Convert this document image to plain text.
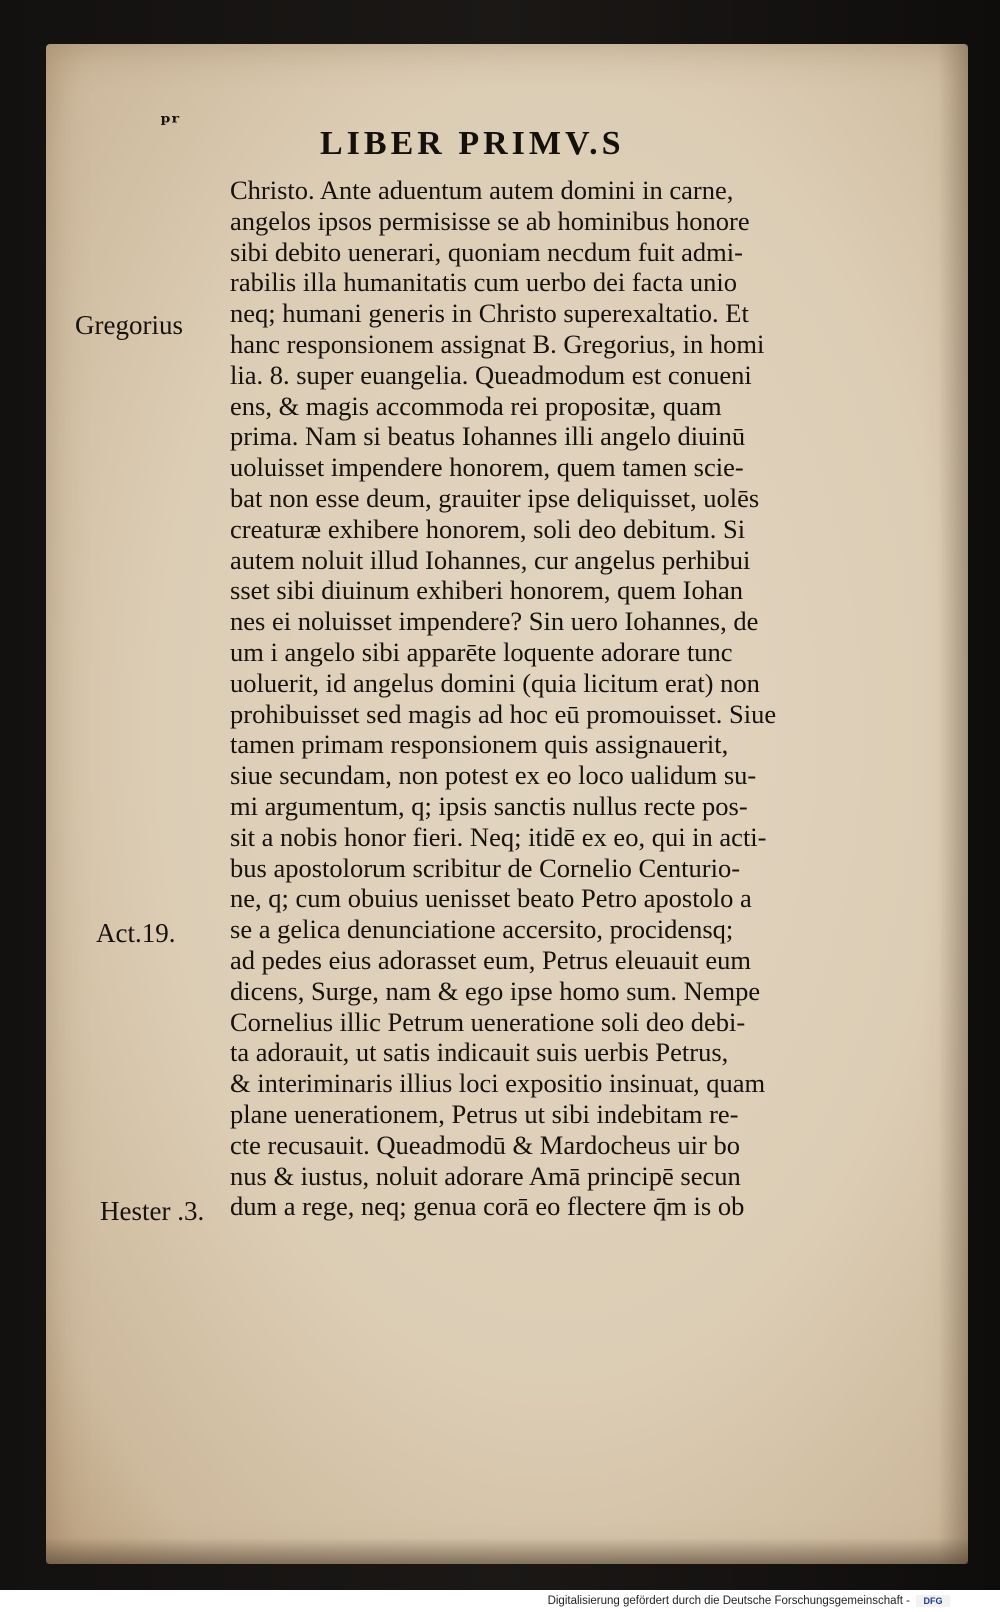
ᵖʳ
LIBER PRIMV.S
Gregorius
Act.19.
Hester .3.
Christo. Ante aduentum autem domini in carne,
angelos ipsos permisisse se ab hominibus honore
sibi debito uenerari, quoniam necdum fuit admi-
rabilis illa humanitatis cum uerbo dei facta unio
neq; humani generis in Christo superexaltatio. Et
hanc responsionem assignat B. Gregorius, in homi
lia. 8. super euangelia. Queadmodum est conueni
ens, & magis accommoda rei propositæ, quam
prima. Nam si beatus Iohannes illi angelo diuinū
uoluisset impendere honorem, quem tamen scie-
bat non esse deum, grauiter ipse deliquisset, uolēs
creaturæ exhibere honorem, soli deo debitum. Si
autem noluit illud Iohannes, cur angelus perhibui
sset sibi diuinum exhiberi honorem, quem Iohan
nes ei noluisset impendere? Sin uero Iohannes, de
um i angelo sibi apparēte loquente adorare tunc
uoluerit, id angelus domini (quia licitum erat) non
prohibuisset sed magis ad hoc eū promouisset. Siue
tamen primam responsionem quis assignauerit,
siue secundam, non potest ex eo loco ualidum su-
mi argumentum, q; ipsis sanctis nullus recte pos-
sit a nobis honor fieri. Neq; itidē ex eo, qui in acti-
bus apostolorum scribitur de Cornelio Centurio-
ne, q; cum obuius uenisset beato Petro apostolo a
se a gelica denunciatione accersito, procidensq;
ad pedes eius adorasset eum, Petrus eleuauit eum
dicens, Surge, nam & ego ipse homo sum. Nempe
Cornelius illic Petrum ueneratione soli deo debi-
ta adorauit, ut satis indicauit suis uerbis Petrus,
& interiminaris illius loci expositio insinuat, quam
plane uenerationem, Petrus ut sibi indebitam re-
cte recusauit. Queadmodū & Mardocheus uir bo
nus & iustus, noluit adorare Amā principē secun
dum a rege, neq; genua corā eo flectere q̄m is ob
Digitalisierung gefördert durch die Deutsche Forschungsgemeinschaft -	DFG
